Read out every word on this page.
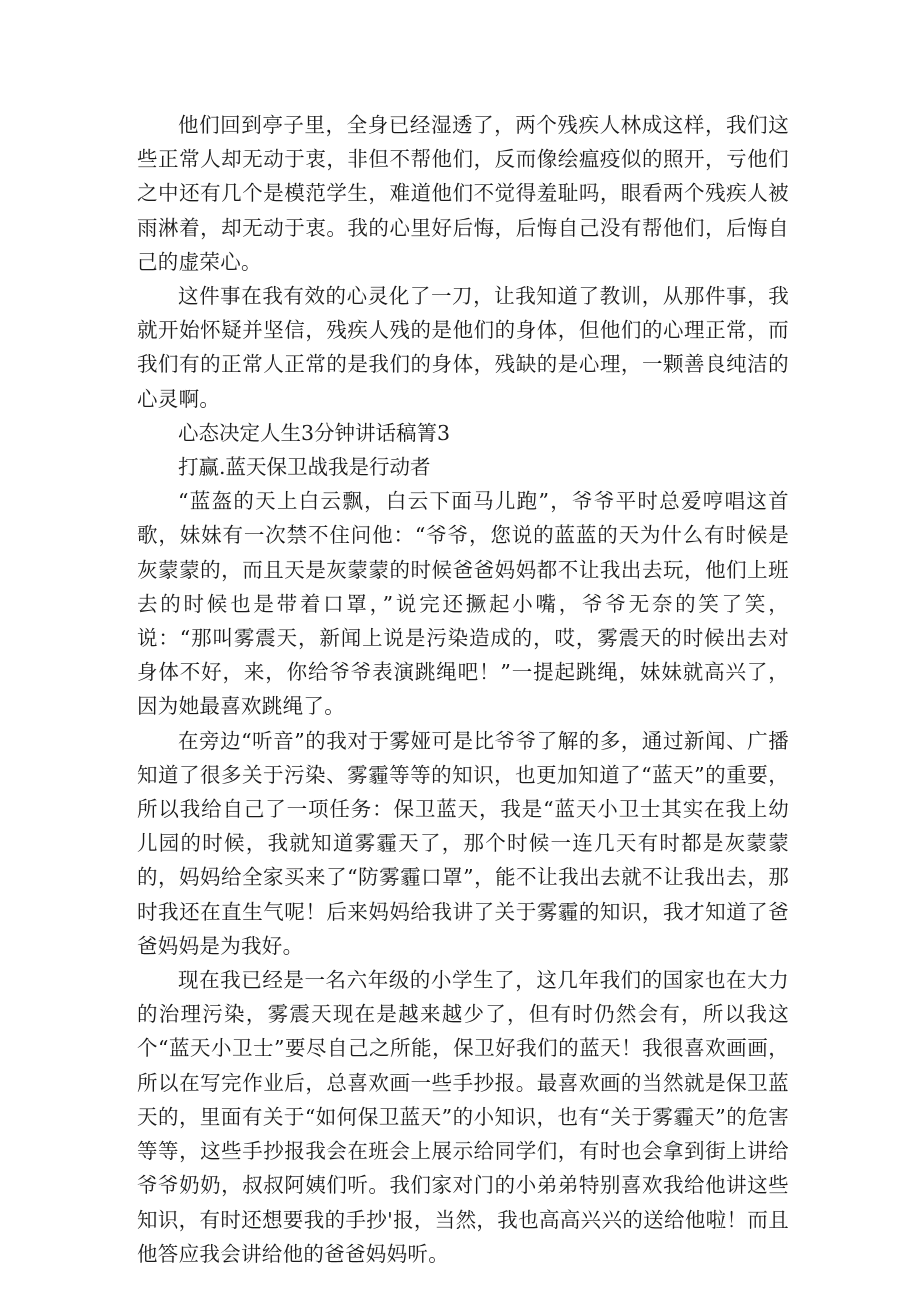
他们回到亭子里，全身已经湿透了，两个残疾人林成这样，我们这些正常人却无动于衷，非但不帮他们，反而像绘瘟疫似的照开，亏他们之中还有几个是模范学生，难道他们不觉得羞耻吗，眼看两个残疾人被雨淋着，却无动于衷。我的心里好后悔，后悔自己没有帮他们，后悔自己的虚荣心。

这件事在我有效的心灵化了一刀，让我知道了教训，从那件事，我就开始怀疑并坚信，残疾人残的是他们的身体，但他们的心理正常，而我们有的正常人正常的是我们的身体，残缺的是心理，一颗善良纯洁的心灵啊。

心态决定人生3分钟讲话稿箐3

打赢.蓝天保卫战我是行动者

“蓝盔的天上白云飘，白云下面马儿跑”，爷爷平时总爱哼唱这首歌，妹妹有一次禁不住问他：“爷爷，您说的蓝蓝的天为什么有时候是灰蒙蒙的，而且天是灰蒙蒙的时候爸爸妈妈都不让我出去玩，他们上班去的时候也是带着口罩，”说完还撅起小嘴，爷爷无奈的笑了笑，说：“那叫雾震天，新闻上说是污染造成的，哎，雾震天的时候出去对身体不好，来，你给爷爷表演跳绳吧！”一提起跳绳，妹妹就高兴了，因为她最喜欢跳绳了。

在旁边“听音”的我对于雾娅可是比爷爷了解的多，通过新闻、广播知道了很多关于污染、雾霾等等的知识，也更加知道了“蓝天”的重要，所以我给自己了一项任务：保卫蓝天，我是“蓝天小卫士其实在我上幼儿园的时候，我就知道雾霾天了，那个时候一连几天有时都是灰蒙蒙的，妈妈给全家买来了“防雾霾口罩”，能不让我出去就不让我出去，那时我还在直生气呢！后来妈妈给我讲了关于雾霾的知识，我才知道了爸爸妈妈是为我好。

现在我已经是一名六年级的小学生了，这几年我们的国家也在大力的治理污染，雾震天现在是越来越少了，但有时仍然会有，所以我这个“蓝天小卫士”要尽自己之所能，保卫好我们的蓝天！我很喜欢画画，所以在写完作业后，总喜欢画一些手抄报。最喜欢画的当然就是保卫蓝天的，里面有关于“如何保卫蓝天”的小知识，也有“关于雾霾天”的危害等等，这些手抄报我会在班会上展示给同学们，有时也会拿到街上讲给爷爷奶奶，叔叔阿姨们听。我们家对门的小弟弟特别喜欢我给他讲这些知识，有时还想要我的手抄'报，当然，我也高高兴兴的送给他啦！而且他答应我会讲给他的爸爸妈妈听。
